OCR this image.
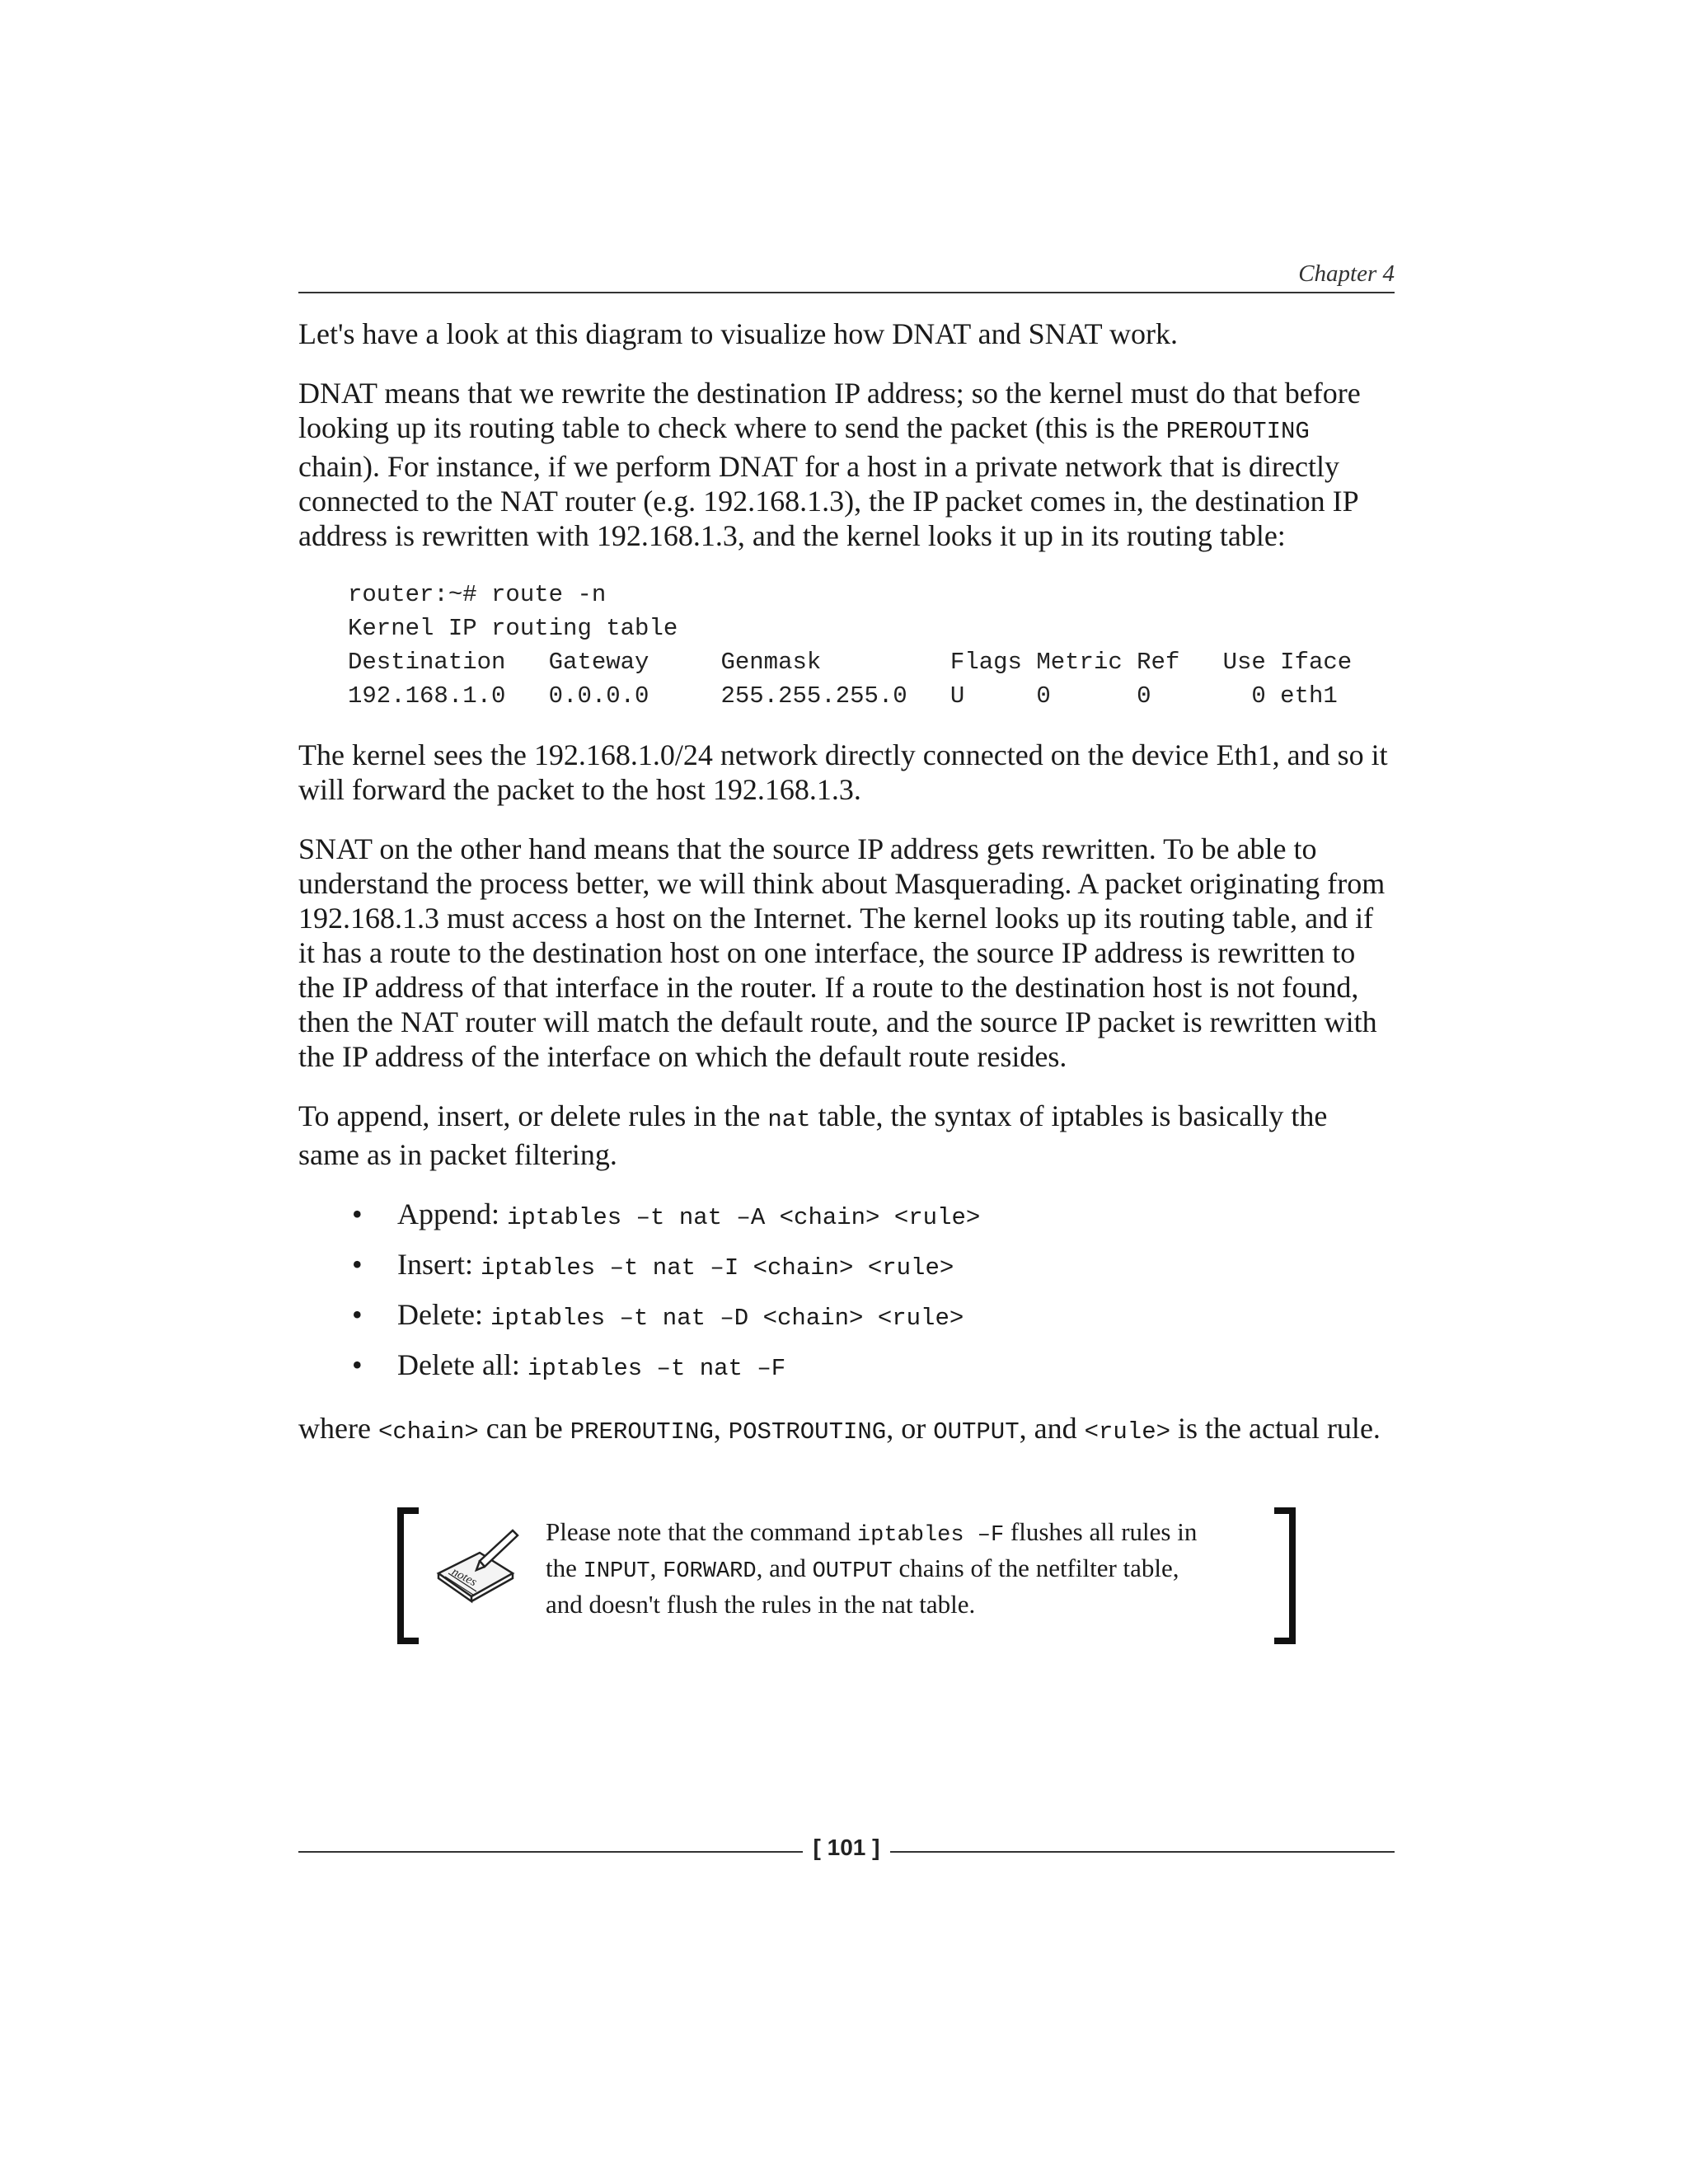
Chapter 4

Let's have a look at this diagram to visualize how DNAT and SNAT work.

DNAT means that we rewrite the destination IP address; so the kernel must do that before looking up its routing table to check where to send the packet (this is the PREROUTING chain). For instance, if we perform DNAT for a host in a private network that is directly connected to the NAT router (e.g. 192.168.1.3), the IP packet comes in, the destination IP address is rewritten with 192.168.1.3, and the kernel looks it up in its routing table:

router:~# route -n
Kernel IP routing table
Destination   Gateway     Genmask         Flags Metric Ref   Use Iface
192.168.1.0   0.0.0.0     255.255.255.0   U     0      0       0 eth1

The kernel sees the 192.168.1.0/24 network directly connected on the device Eth1, and so it will forward the packet to the host 192.168.1.3.

SNAT on the other hand means that the source IP address gets rewritten. To be able to understand the process better, we will think about Masquerading. A packet originating from 192.168.1.3 must access a host on the Internet. The kernel looks up its routing table, and if it has a route to the destination host on one interface, the source IP address is rewritten to the IP address of that interface in the router. If a route to the destination host is not found, then the NAT router will match the default route, and the source IP packet is rewritten with the IP address of the interface on which the default route resides.

To append, insert, or delete rules in the nat table, the syntax of iptables is basically the same as in packet filtering.

• Append: iptables –t nat –A <chain> <rule>
• Insert: iptables –t nat –I <chain> <rule>
• Delete: iptables –t nat –D <chain> <rule>
• Delete all: iptables –t nat –F

where <chain> can be PREROUTING, POSTROUTING, or OUTPUT, and <rule> is the actual rule.

notes
Please note that the command iptables –F flushes all rules in the INPUT, FORWARD, and OUTPUT chains of the netfilter table, and doesn't flush the rules in the nat table.
[ 101 ]
